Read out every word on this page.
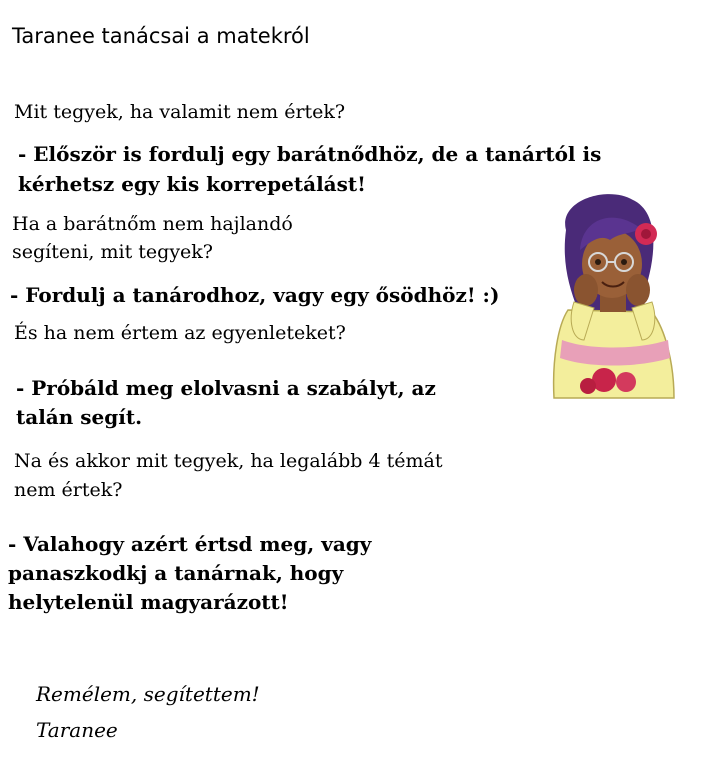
Taranee tanácsai a matekról
Mit tegyek, ha valamit nem értek?
- Először is fordulj egy barátnődhöz, de a tanártól is
kérhetsz egy kis korrepetálást!
Ha a barátnőm nem hajlandó
segíteni, mit tegyek?
- Fordulj a tanárodhoz, vagy egy ősödhöz! :)
És ha nem értem az egyenleteket?
- Próbáld meg elolvasni a szabályt, az
talán segít.
Na és akkor mit tegyek, ha legalább 4 témát
nem értek?
- Valahogy azért értsd meg, vagy
panaszkodkj a tanárnak, hogy
helytelenül magyarázott!
Remélem, segítettem!
Taranee
